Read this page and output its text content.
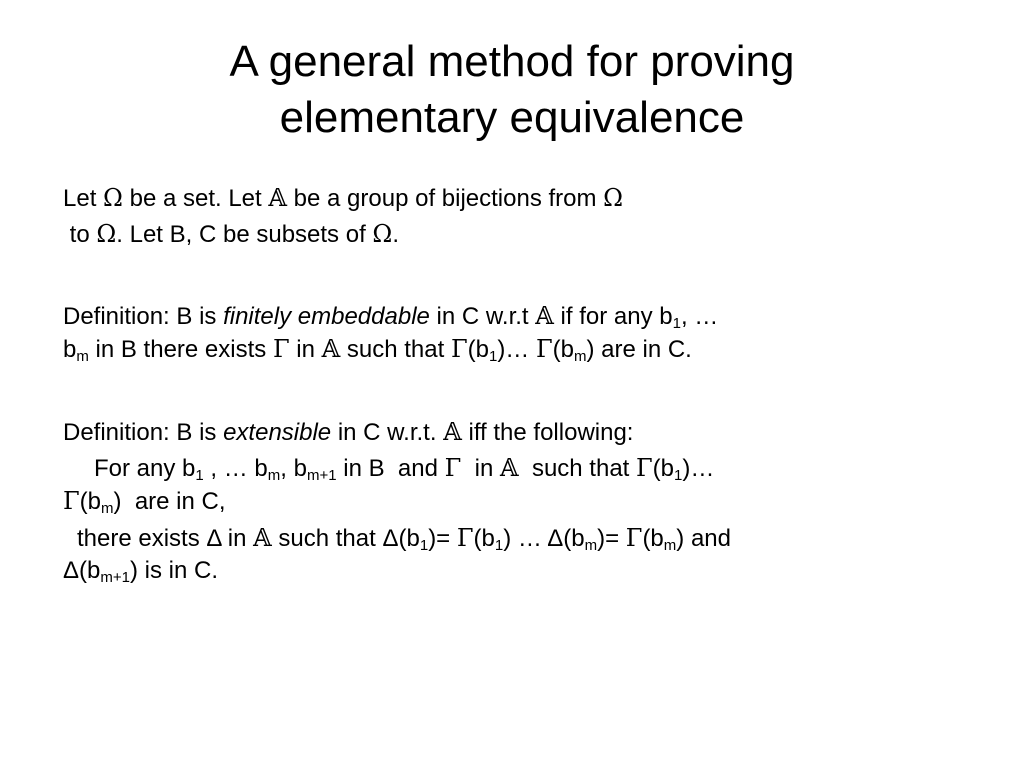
A general method for proving
elementary equivalence
Let Ω be a set. Let 𝔸 be a group of bijections from Ω
to Ω. Let B, C be subsets of Ω.
Definition: B is finitely embeddable in C w.r.t 𝔸 if for any $b_1$, …
$b_m$ in B there exists Γ in 𝔸 such that $\Gamma(b_1)\dots$ $\Gamma(b_m)$ are in C.
Definition: B is extensible in C w.r.t. 𝔸 iff the following:
For any $b_1$ , … $b_m$, $b_{m+1}$ in B  and Γ  in 𝔸  such that $\Gamma(b_1)\dots$
$\Gamma(b_m)$  are in C,
there exists Δ in 𝔸 such that $\Delta(b_1)= \Gamma(b_1)$ … $\Delta(b_m)= \Gamma(b_m)$ and
$\Delta(b_{m+1})$ is in C.
